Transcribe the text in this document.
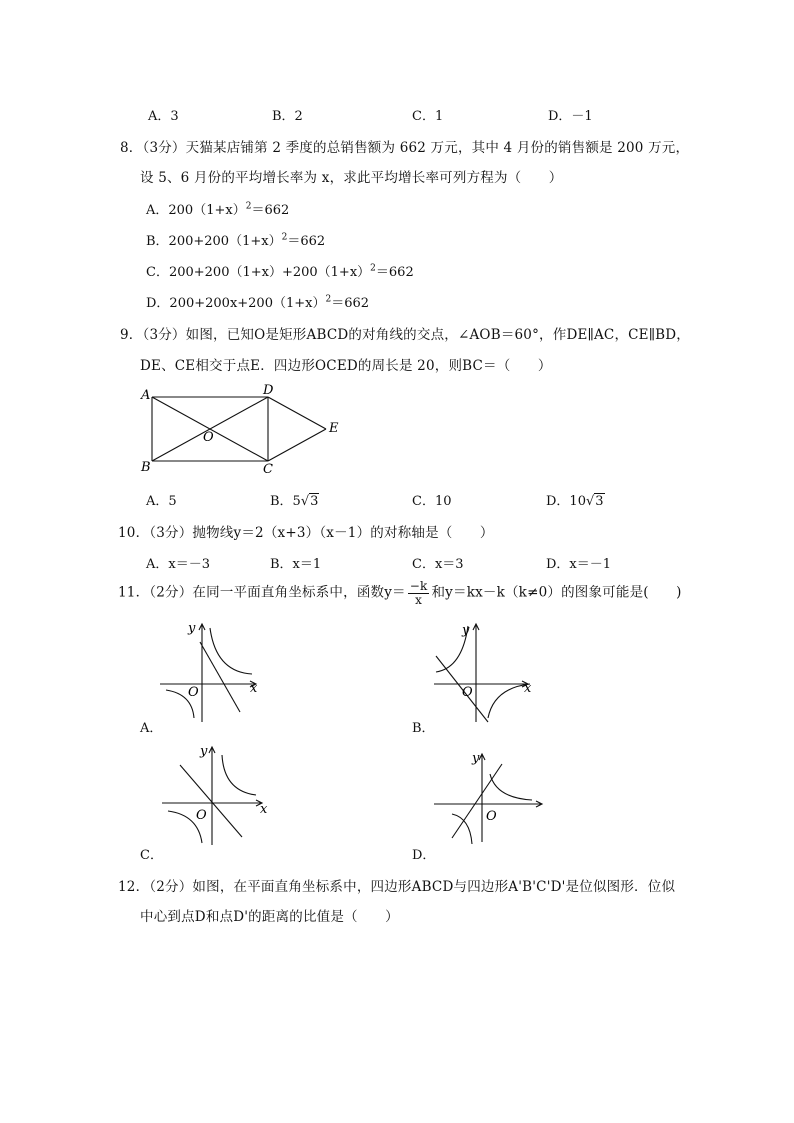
A．3	B．2	C．1	D．－1
8．（3分）天猫某店铺第 2 季度的总销售额为 662 万元，其中 4 月份的销售额是 200 万元，
设 5、6 月份的平均增长率为 x，求此平均增长率可列方程为（　　）
A．$200(1+x)^2=662$
B．$200+200(1+x)^2=662$
C．$200+200(1+x)+200(1+x)^2=662$
D．$200+200x+200(1+x)^2=662$
9．（3分）如图，已知O是矩形ABCD的对角线的交点，∠AOB＝60°，作DE∥AC，CE∥BD，
DE、CE相交于点E．四边形OCED的周长是 20，则BC＝（　　）
A	D
O
E
B	C
A．5	B．5√3	C．10	D．10√3
10．（3分）抛物线y＝2（x+3）（x－1）的对称轴是（　　）
A．x＝－3	B．x＝1	C．x＝3	D．x＝－1
11．（2分）在同一平面直角坐标系中，函数$y= \frac{-k}{x}$ 和y＝kx－k（k≠0）的图象可能是(　　)
y
x
O
A．
y
x
O
B．
y
x
O
C．
y
O
D．
12．（2分）如图，在平面直角坐标系中，四边形ABCD与四边形A'B'C'D'是位似图形．位似
中心到点D和点D'的距离的比值是（　　）
